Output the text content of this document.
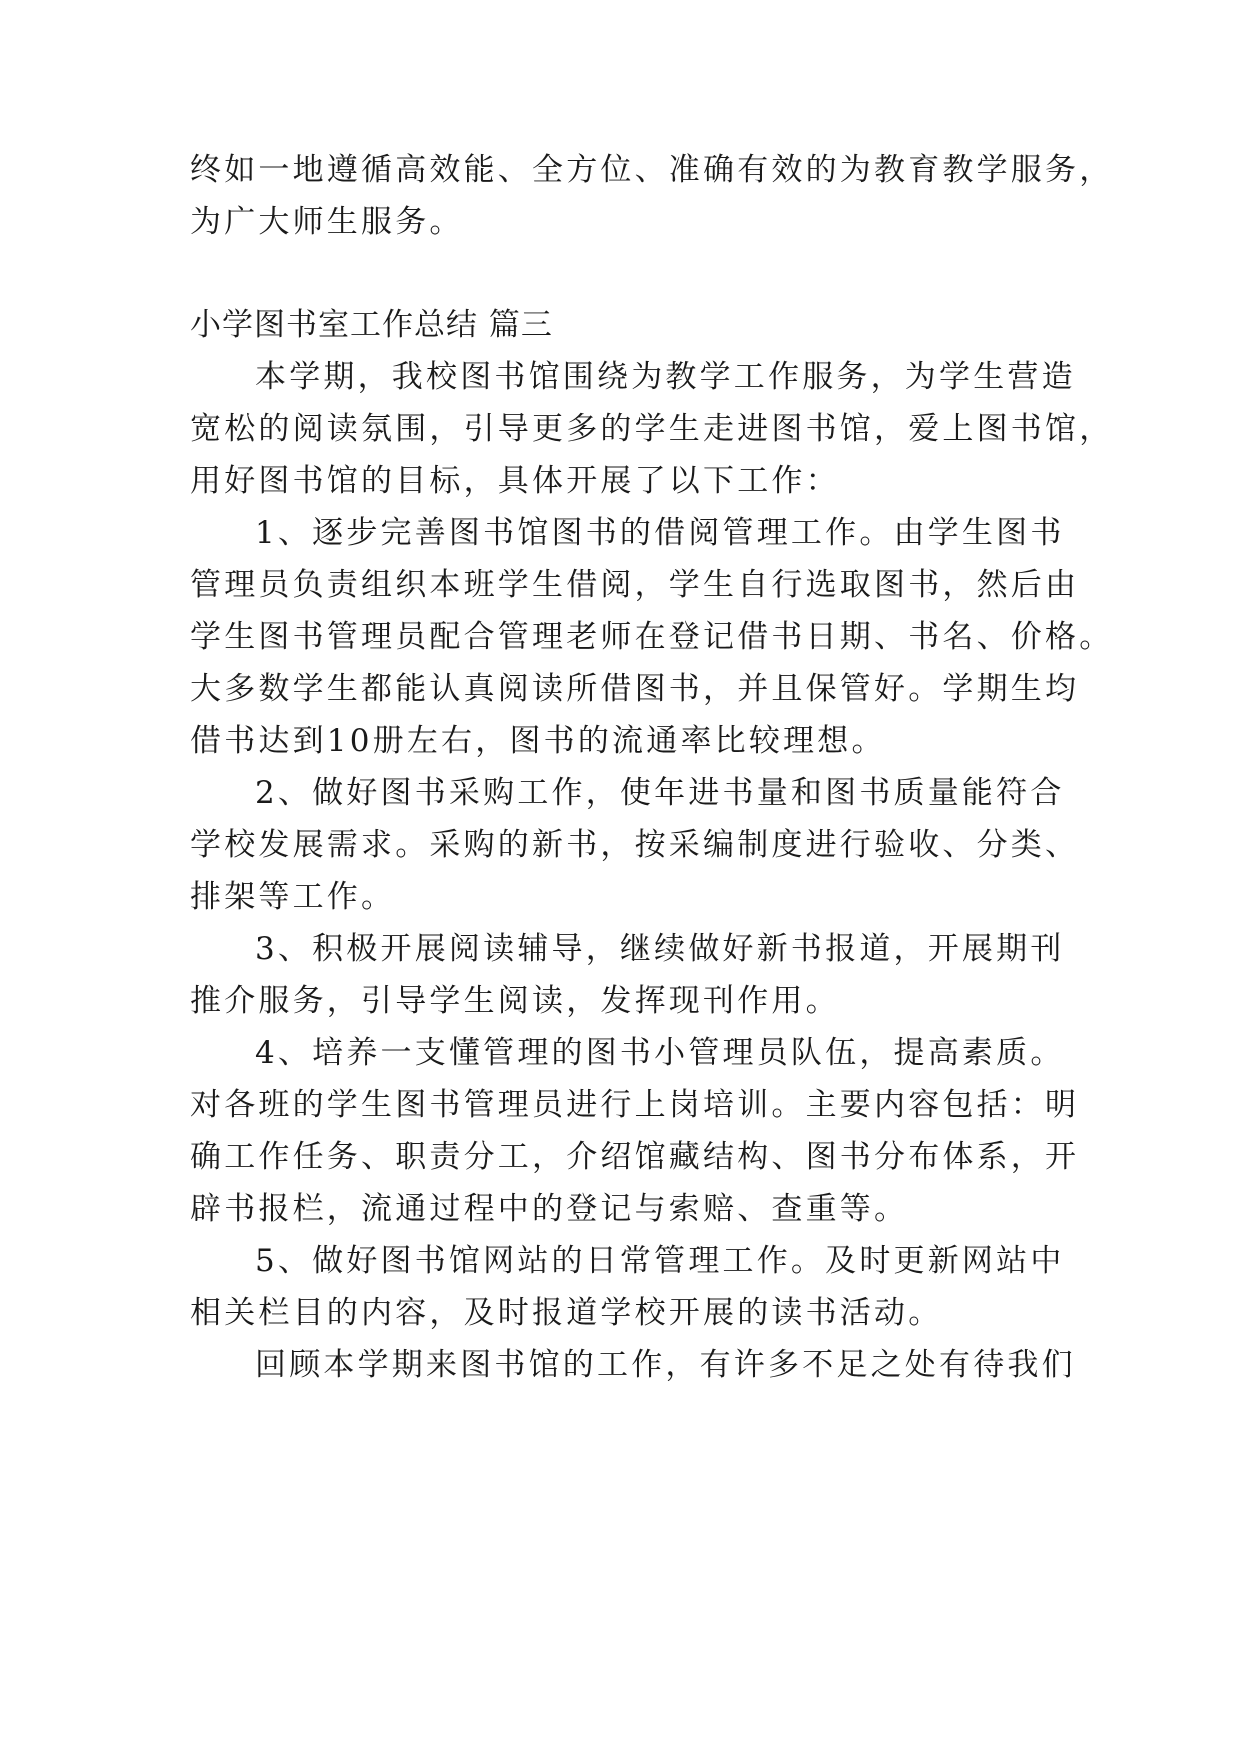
终如一地遵循高效能、全方位、准确有效的为教育教学服务，
为广大师生服务。
小学图书室工作总结 篇三
本学期，我校图书馆围绕为教学工作服务，为学生营造
宽松的阅读氛围，引导更多的学生走进图书馆，爱上图书馆，
用好图书馆的目标，具体开展了以下工作：
1、逐步完善图书馆图书的借阅管理工作。由学生图书
管理员负责组织本班学生借阅，学生自行选取图书，然后由
学生图书管理员配合管理老师在登记借书日期、书名、价格。
大多数学生都能认真阅读所借图书，并且保管好。学期生均
借书达到10册左右，图书的流通率比较理想。
2、做好图书采购工作，使年进书量和图书质量能符合
学校发展需求。采购的新书，按采编制度进行验收、分类、
排架等工作。
3、积极开展阅读辅导，继续做好新书报道，开展期刊
推介服务，引导学生阅读，发挥现刊作用。
4、培养一支懂管理的图书小管理员队伍，提高素质。
对各班的学生图书管理员进行上岗培训。主要内容包括：明
确工作任务、职责分工，介绍馆藏结构、图书分布体系，开
辟书报栏，流通过程中的登记与索赔、查重等。
5、做好图书馆网站的日常管理工作。及时更新网站中
相关栏目的内容，及时报道学校开展的读书活动。
回顾本学期来图书馆的工作，有许多不足之处有待我们
